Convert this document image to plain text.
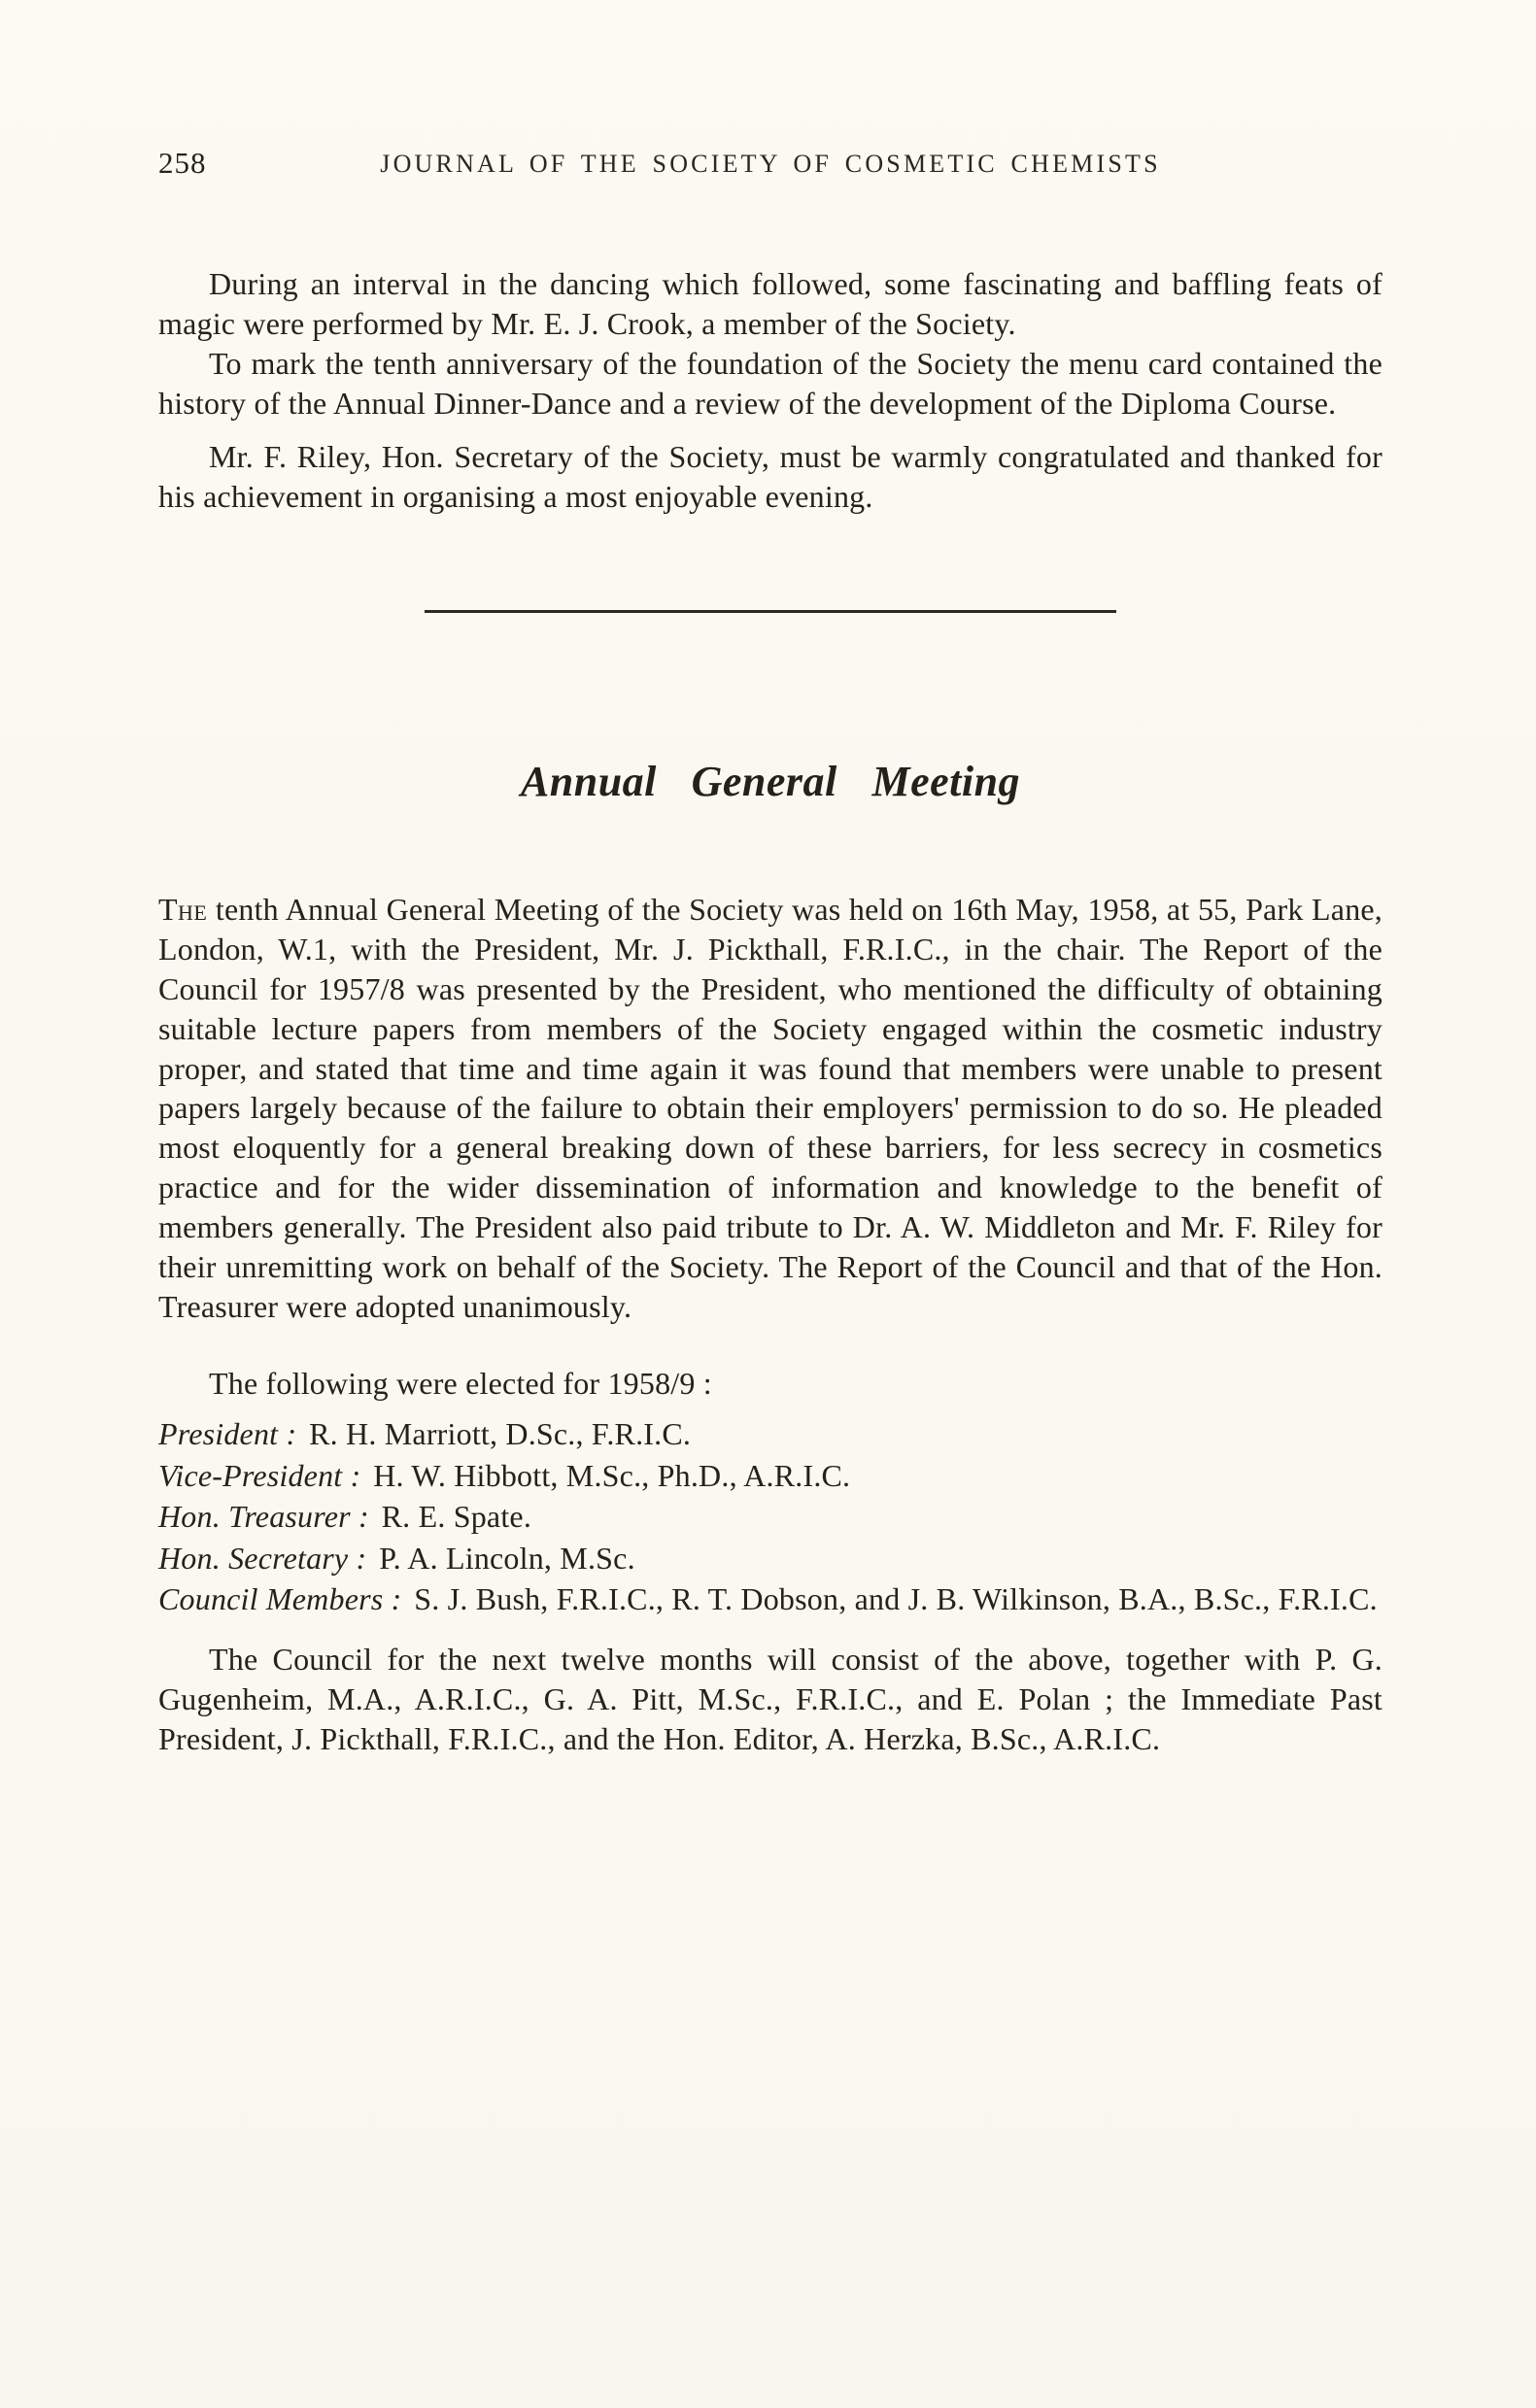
258	JOURNAL OF THE SOCIETY OF COSMETIC CHEMISTS

During an interval in the dancing which followed, some fascinating and baffling feats of magic were performed by Mr. E. J. Crook, a member of the Society.

To mark the tenth anniversary of the foundation of the Society the menu card contained the history of the Annual Dinner-Dance and a review of the development of the Diploma Course.

Mr. F. Riley, Hon. Secretary of the Society, must be warmly congratulated and thanked for his achievement in organising a most enjoyable evening.

Annual General Meeting

The tenth Annual General Meeting of the Society was held on 16th May, 1958, at 55, Park Lane, London, W.1, with the President, Mr. J. Pickthall, F.R.I.C., in the chair. The Report of the Council for 1957/8 was presented by the President, who mentioned the difficulty of obtaining suitable lecture papers from members of the Society engaged within the cosmetic industry proper, and stated that time and time again it was found that members were unable to present papers largely because of the failure to obtain their employers' permission to do so. He pleaded most eloquently for a general breaking down of these barriers, for less secrecy in cosmetics practice and for the wider dissemination of information and knowledge to the benefit of members generally. The President also paid tribute to Dr. A. W. Middleton and Mr. F. Riley for their unremitting work on behalf of the Society. The Report of the Council and that of the Hon. Treasurer were adopted unanimously.

The following were elected for 1958/9 :

President : R. H. Marriott, D.Sc., F.R.I.C.

Vice-President : H. W. Hibbott, M.Sc., Ph.D., A.R.I.C.

Hon. Treasurer : R. E. Spate.

Hon. Secretary : P. A. Lincoln, M.Sc.

Council Members : S. J. Bush, F.R.I.C., R. T. Dobson, and J. B. Wilkinson, B.A., B.Sc., F.R.I.C.

The Council for the next twelve months will consist of the above, together with P. G. Gugenheim, M.A., A.R.I.C., G. A. Pitt, M.Sc., F.R.I.C., and E. Polan ; the Immediate Past President, J. Pickthall, F.R.I.C., and the Hon. Editor, A. Herzka, B.Sc., A.R.I.C.
